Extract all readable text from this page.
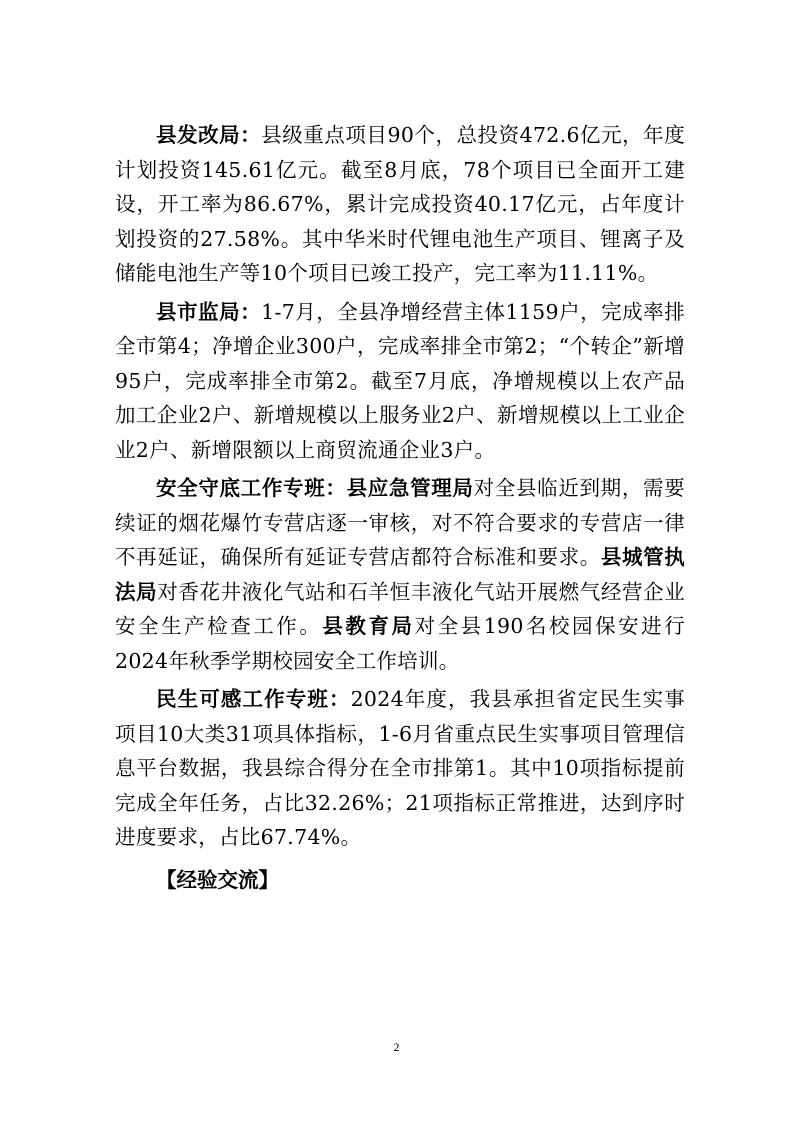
县发改局：县级重点项目90个，总投资472.6亿元，年度计划投资145.61亿元。截至8月底，78个项目已全面开工建设，开工率为86.67%，累计完成投资40.17亿元，占年度计划投资的27.58%。其中华米时代锂电池生产项目、锂离子及储能电池生产等10个项目已竣工投产，完工率为11.11%。

县市监局：1-7月，全县净增经营主体1159户，完成率排全市第4；净增企业300户，完成率排全市第2；“个转企”新增95户，完成率排全市第2。截至7月底，净增规模以上农产品加工企业2户、新增规模以上服务业2户、新增规模以上工业企业2户、新增限额以上商贸流通企业3户。

安全守底工作专班：县应急管理局对全县临近到期，需要续证的烟花爆竹专营店逐一审核，对不符合要求的专营店一律不再延证，确保所有延证专营店都符合标准和要求。县城管执法局对香花井液化气站和石羊恒丰液化气站开展燃气经营企业安全生产检查工作。县教育局对全县190名校园保安进行2024年秋季学期校园安全工作培训。

民生可感工作专班：2024年度，我县承担省定民生实事项目10大类31项具体指标，1-6月省重点民生实事项目管理信息平台数据，我县综合得分在全市排第1。其中10项指标提前完成全年任务，占比32.26%；21项指标正常推进，达到序时进度要求，占比67.74%。

【经验交流】
2
